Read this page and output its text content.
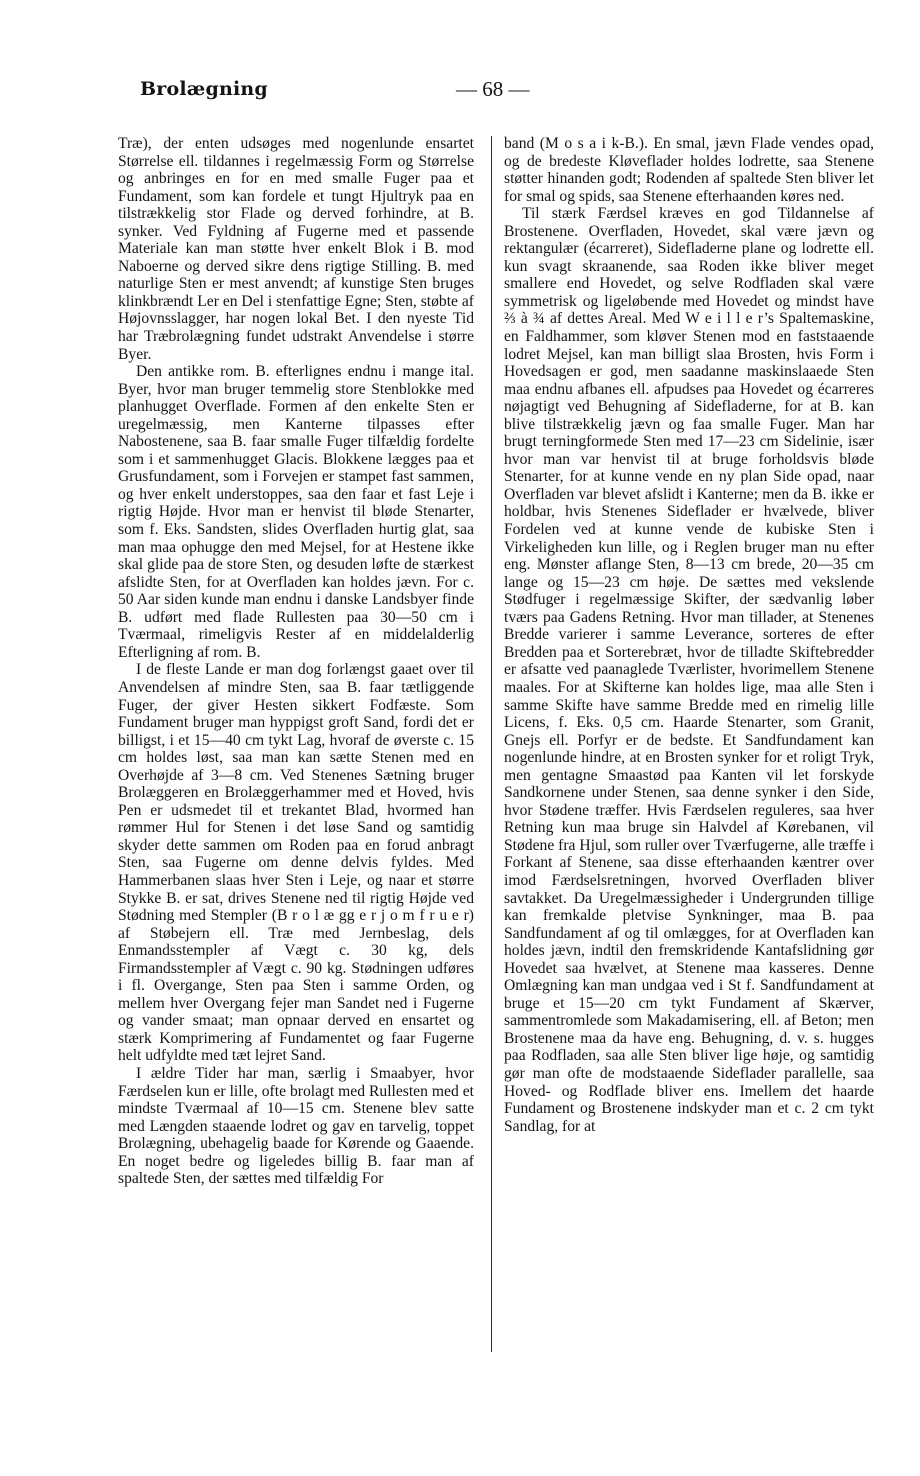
Brolægning	— 68 —

Træ), der enten udsøges med nogenlunde ensartet Størrelse ell. tildannes i regelmæssig Form og Størrelse og anbringes en for en med smalle Fuger paa et Fundament, som kan fordele et tungt Hjultryk paa en tilstrækkelig stor Flade og derved forhindre, at B. synker. Ved Fyldning af Fugerne med et passende Materiale kan man støtte hver enkelt Blok i B. mod Naboerne og derved sikre dens rigtige Stilling. B. med naturlige Sten er mest anvendt; af kunstige Sten bruges klinkbrændt Ler en Del i stenfattige Egne; Sten, støbte af Højovnsslagger, har nogen lokal Bet. I den nyeste Tid har Træbrolægning fundet udstrakt Anvendelse i større Byer.

Den antikke rom. B. efterlignes endnu i mange ital. Byer, hvor man bruger temmelig store Stenblokke med planhugget Overflade. Formen af den enkelte Sten er uregelmæssig, men Kanterne tilpasses efter Nabostenene, saa B. faar smalle Fuger tilfældig fordelte som i et sammenhugget Glacis. Blokkene lægges paa et Grusfundament, som i Forvejen er stampet fast sammen, og hver enkelt understoppes, saa den faar et fast Leje i rigtig Højde. Hvor man er henvist til bløde Stenarter, som f. Eks. Sandsten, slides Overfladen hurtig glat, saa man maa ophugge den med Mejsel, for at Hestene ikke skal glide paa de store Sten, og desuden løfte de stærkest afslidte Sten, for at Overfladen kan holdes jævn. For c. 50 Aar siden kunde man endnu i danske Landsbyer finde B. udført med flade Rullesten paa 30—50 cm i Tværmaal, rimeligvis Rester af en middelalderlig Efterligning af rom. B.

I de fleste Lande er man dog forlængst gaaet over til Anvendelsen af mindre Sten, saa B. faar tætliggende Fuger, der giver Hesten sikkert Fodfæste. Som Fundament bruger man hyppigst groft Sand, fordi det er billigst, i et 15—40 cm tykt Lag, hvoraf de øverste c. 15 cm holdes løst, saa man kan sætte Stenen med en Overhøjde af 3—8 cm. Ved Stenenes Sætning bruger Brolæggeren en Brolæggerhammer med et Hoved, hvis Pen er udsmedet til et trekantet Blad, hvormed han rømmer Hul for Stenen i det løse Sand og samtidig skyder dette sammen om Roden paa en forud anbragt Sten, saa Fugerne om denne delvis fyldes. Med Hammerbanen slaas hver Sten i Leje, og naar et større Stykke B. er sat, drives Stenene ned til rigtig Højde ved Stødning med Stempler (B r o l æ gg e r j o m f r u e r) af Støbejern ell. Træ med Jernbeslag, dels Enmandsstempler af Vægt c. 30 kg, dels Firmandsstempler af Vægt c. 90 kg. Stødningen udføres i fl. Overgange, Sten paa Sten i samme Orden, og mellem hver Overgang fejer man Sandet ned i Fugerne og vander smaat; man opnaar derved en ensartet og stærk Komprimering af Fundamentet og faar Fugerne helt udfyldte med tæt lejret Sand.

I ældre Tider har man, særlig i Smaabyer, hvor Færdselen kun er lille, ofte brolagt med Rullesten med et mindste Tværmaal af 10—15 cm. Stenene blev satte med Længden staaende lodret og gav en tarvelig, toppet Brolægning, ubehagelig baade for Kørende og Gaaende. En noget bedre og ligeledes billig B. faar man af spaltede Sten, der sættes med tilfældig For

band (M o s a i k-B.). En smal, jævn Flade vendes opad, og de bredeste Kløveflader holdes lodrette, saa Stenene støtter hinanden godt; Rodenden af spaltede Sten bliver let for smal og spids, saa Stenene efterhaanden køres ned.

Til stærk Færdsel kræves en god Tildannelse af Brostenene. Overfladen, Hovedet, skal være jævn og rektangulær (écarreret), Sidefladerne plane og lodrette ell. kun svagt skraanende, saa Roden ikke bliver meget smallere end Hovedet, og selve Rodfladen skal være symmetrisk og ligeløbende med Hovedet og mindst have ⅔ à ¾ af dettes Areal. Med W e i l l e r’s Spaltemaskine, en Faldhammer, som kløver Stenen mod en faststaaende lodret Mejsel, kan man billigt slaa Brosten, hvis Form i Hovedsagen er god, men saadanne maskinslaaede Sten maa endnu afbanes ell. afpudses paa Hovedet og écarreres nøjagtigt ved Behugning af Sidefladerne, for at B. kan blive tilstrækkelig jævn og faa smalle Fuger. Man har brugt terningformede Sten med 17—23 cm Sidelinie, især hvor man var henvist til at bruge forholdsvis bløde Stenarter, for at kunne vende en ny plan Side opad, naar Overfladen var blevet afslidt i Kanterne; men da B. ikke er holdbar, hvis Stenenes Sideflader er hvælvede, bliver Fordelen ved at kunne vende de kubiske Sten i Virkeligheden kun lille, og i Reglen bruger man nu efter eng. Mønster aflange Sten, 8—13 cm brede, 20—35 cm lange og 15—23 cm høje. De sættes med vekslende Stødfuger i regelmæssige Skifter, der sædvanlig løber tværs paa Gadens Retning. Hvor man tillader, at Stenenes Bredde varierer i samme Leverance, sorteres de efter Bredden paa et Sorterebræt, hvor de tilladte Skiftebredder er afsatte ved paanaglede Tværlister, hvorimellem Stenene maales. For at Skifterne kan holdes lige, maa alle Sten i samme Skifte have samme Bredde med en rimelig lille Licens, f. Eks. 0,5 cm. Haarde Stenarter, som Granit, Gnejs ell. Porfyr er de bedste. Et Sandfundament kan nogenlunde hindre, at en Brosten synker for et roligt Tryk, men gentagne Smaastød paa Kanten vil let forskyde Sandkornene under Stenen, saa denne synker i den Side, hvor Stødene træffer. Hvis Færdselen reguleres, saa hver Retning kun maa bruge sin Halvdel af Kørebanen, vil Stødene fra Hjul, som ruller over Tværfugerne, alle træffe i Forkant af Stenene, saa disse efterhaanden kæntrer over imod Færdselsretningen, hvorved Overfladen bliver savtakket. Da Uregelmæssigheder i Undergrunden tillige kan fremkalde pletvise Synkninger, maa B. paa Sandfundament af og til omlægges, for at Overfladen kan holdes jævn, indtil den fremskridende Kantafslidning gør Hovedet saa hvælvet, at Stenene maa kasseres. Denne Omlægning kan man undgaa ved i St f. Sandfundament at bruge et 15—20 cm tykt Fundament af Skærver, sammentromlede som Makadamisering, ell. af Beton; men Brostenene maa da have eng. Behugning, d. v. s. hugges paa Rodfladen, saa alle Sten bliver lige høje, og samtidig gør man ofte de modstaaende Sideflader parallelle, saa Hoved- og Rodflade bliver ens. Imellem det haarde Fundament og Brostenene indskyder man et c. 2 cm tykt Sandlag, for at
